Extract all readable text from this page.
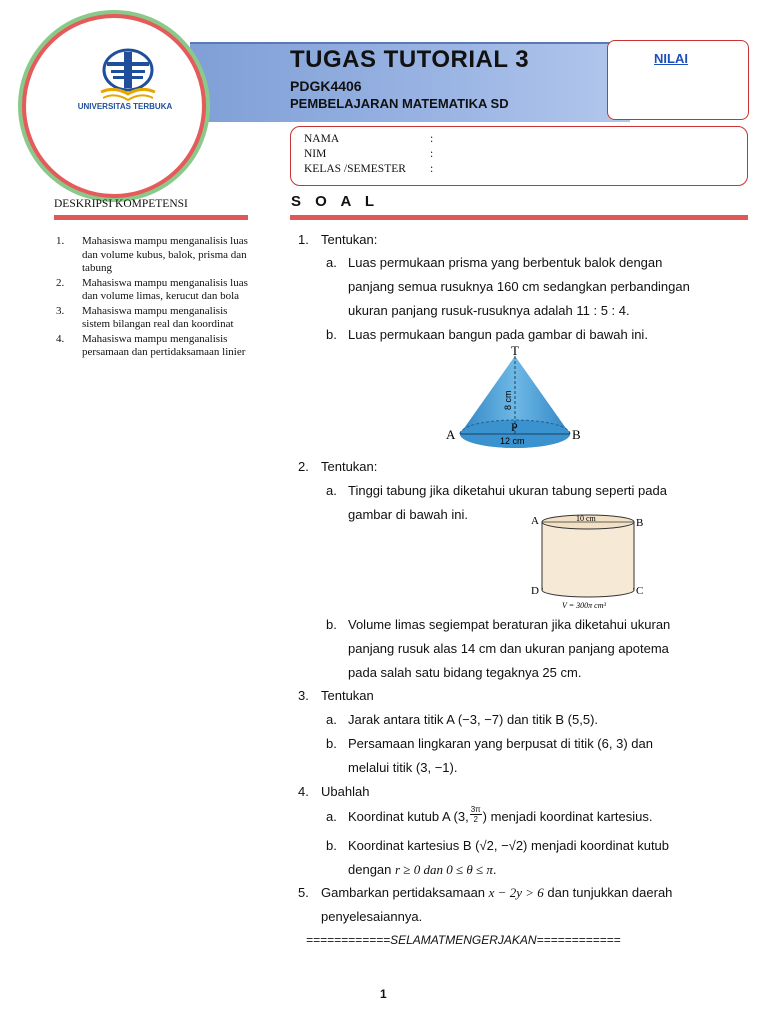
TUGAS TUTORIAL 3
PDGK4406
PEMBELAJARAN MATEMATIKA SD
UNIVERSITAS TERBUKA
NILAI
NAMA	:
NIM	:
KELAS /SEMESTER :
DESKRIPSI KOMPETENSI
1. Mahasiswa mampu menganalisis luas dan volume kubus, balok, prisma dan tabung
2. Mahasiswa mampu menganalisis luas dan volume limas, kerucut dan bola
3. Mahasiswa mampu menganalisis sistem bilangan real dan koordinat
4. Mahasiswa mampu menganalisis persamaan dan pertidaksamaan linier
S O A L
1. Tentukan:
a. Luas permukaan prisma yang berbentuk balok dengan
panjang semua rusuknya 160 cm sedangkan perbandingan
ukuran panjang rusuk-rusuknya adalah 11 : 5 : 4.
b. Luas permukaan bangun pada gambar di bawah ini.
T
A	B
P
8 cm
12 cm
2. Tentukan:
a. Tinggi tabung jika diketahui ukuran tabung seperti pada
gambar di bawah ini.	A	B
D	C
10 cm
V = 300π cm³
b. Volume limas segiempat beraturan jika diketahui ukuran
panjang rusuk alas 14 cm dan ukuran panjang apotema
pada salah satu bidang tegaknya 25 cm.
3. Tentukan
a. Jarak antara titik A (−3, −7) dan titik B (5,5).
b. Persamaan lingkaran yang berpusat di titik (6, 3) dan
melalui titik (3, −1).
4. Ubahlah
a. Koordinat kutub A (3, $\frac{3\pi}{2}$ ) menjadi koordinat kartesius.
b. Koordinat kartesius B (√2, −√2) menjadi koordinat kutub
dengan r ≥ 0 dan 0 ≤ θ ≤ π.
5. Gambarkan pertidaksamaan x − 2y > 6 dan tunjukkan daerah
penyelesaiannya.
============SELAMATMENGERJAKAN============
1
